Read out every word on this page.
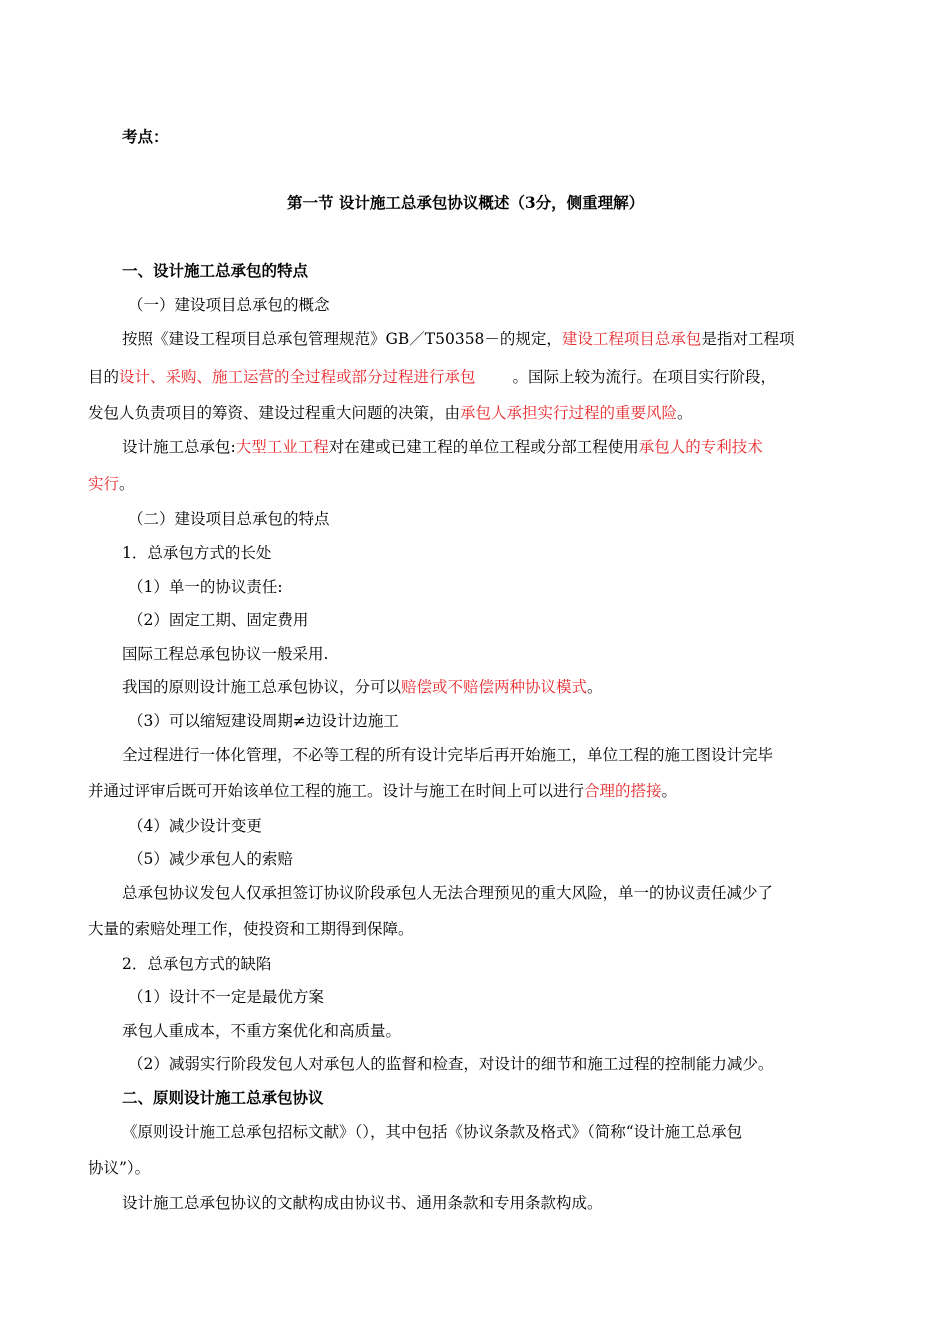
考点：
第一节 设计施工总承包协议概述（3分，侧重理解）
一、设计施工总承包的特点
（一）建设项目总承包的概念
按照《建设工程项目总承包管理规范》GB／T50358－的规定，建设工程项目总承包是指对工程项
目的设计、采购、施工运营的全过程或部分过程进行承包 。国际上较为流行。在项目实行阶段，
发包人负责项目的筹资、建设过程重大问题的决策，由承包人承担实行过程的重要风险。
设计施工总承包:大型工业工程对在建或已建工程的单位工程或分部工程使用承包人的专利技术
实行。
（二）建设项目总承包的特点
1．总承包方式的长处
（1）单一的协议责任:
（2）固定工期、固定费用
国际工程总承包协议一般采用.
我国的原则设计施工总承包协议，分可以赔偿或不赔偿两种协议模式。
（3）可以缩短建设周期≠边设计边施工
全过程进行一体化管理，不必等工程的所有设计完毕后再开始施工，单位工程的施工图设计完毕
并通过评审后既可开始该单位工程的施工。设计与施工在时间上可以进行合理的搭接。
（4）减少设计变更
（5）减少承包人的索赔
总承包协议发包人仅承担签订协议阶段承包人无法合理预见的重大风险，单一的协议责任减少了
大量的索赔处理工作，使投资和工期得到保障。
2．总承包方式的缺陷
（1）设计不一定是最优方案
承包人重成本，不重方案优化和高质量。
（2）减弱实行阶段发包人对承包人的监督和检查，对设计的细节和施工过程的控制能力减少。
二、原则设计施工总承包协议
《原则设计施工总承包招标文献》（），其中包括《协议条款及格式》（简称“设计施工总承包
协议”）。
设计施工总承包协议的文献构成由协议书、通用条款和专用条款构成。
